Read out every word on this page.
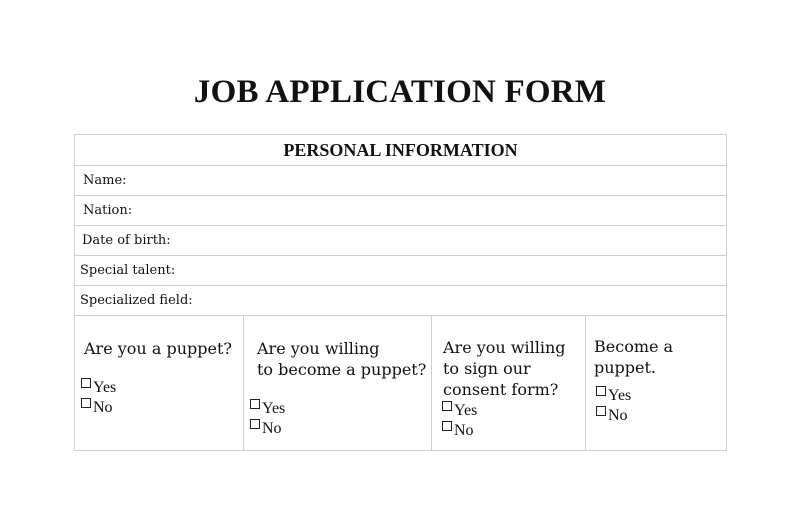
JOB APPLICATION FORM
PERSONAL INFORMATION
Name:
Nation:
Date of birth:
Special talent:
Specialized field:
Are you a puppet?
Yes
No
Are you willing
to become a puppet?
Yes
No
Are you willing
to sign our
consent form?
Yes
No
Become a
puppet.
Yes
No
